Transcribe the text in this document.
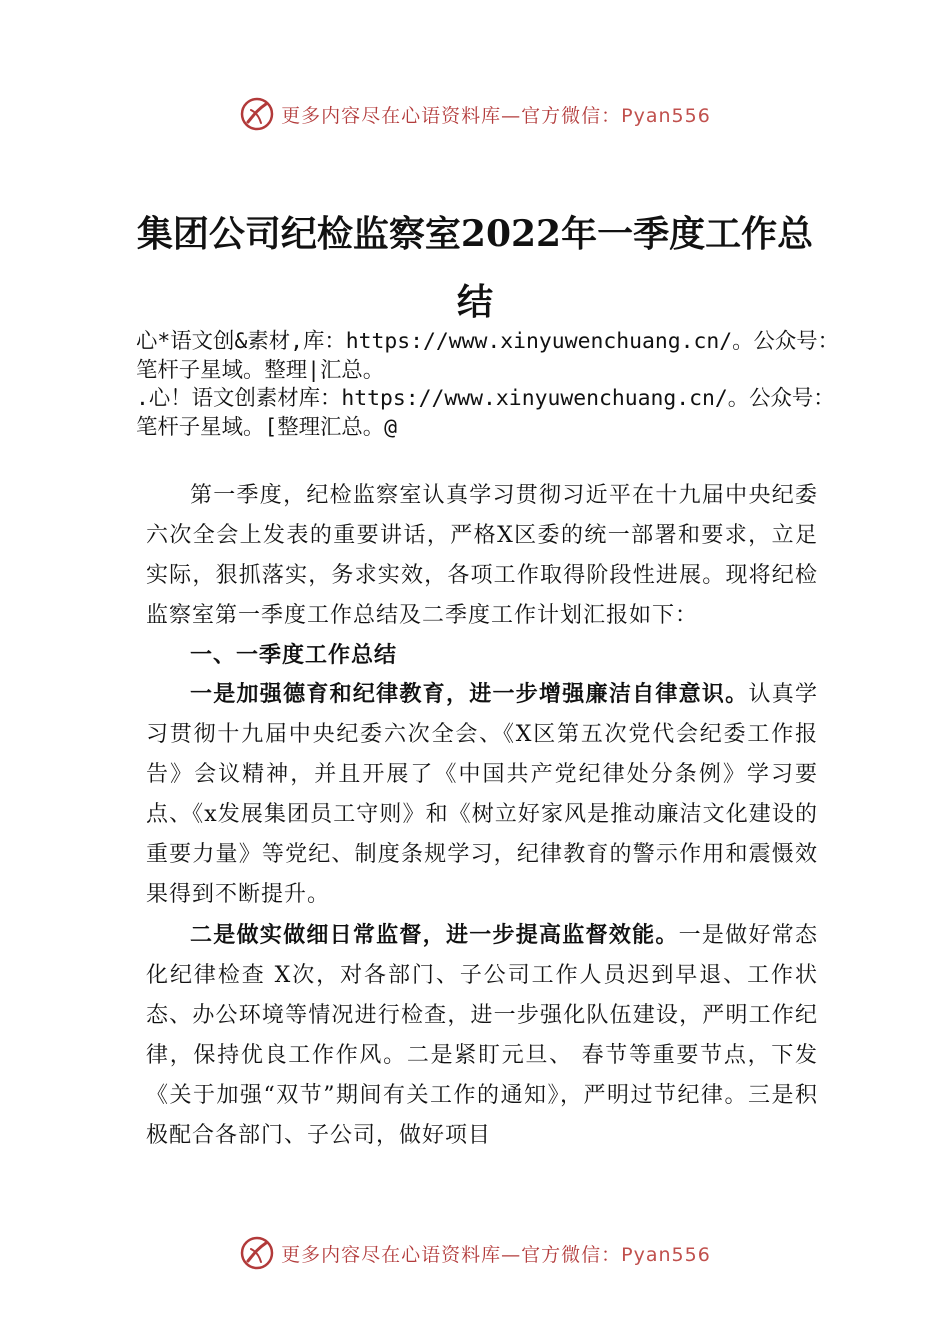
更多内容尽在心语资料库—官方微信：Pyan556
集团公司纪检监察室2022年一季度工作总
结

心*语文创&素材,库：https://www.xinyuwenchuang.cn/。公众号：笔杆子星域。整理|汇总。

.心！语文创素材库：https://www.xinyuwenchuang.cn/。公众号：笔杆子星域。[整理汇总。@

第一季度，纪检监察室认真学习贯彻习近平在十九届中央纪委六次全会上发表的重要讲话，严格X区委的统一部署和要求，立足实际，狠抓落实，务求实效，各项工作取得阶段性进展。现将纪检监察室第一季度工作总结及二季度工作计划汇报如下：

一、一季度工作总结

一是加强德育和纪律教育，进一步增强廉洁自律意识。认真学习贯彻十九届中央纪委六次全会、《X区第五次党代会纪委工作报告》会议精神，并且开展了《中国共产党纪律处分条例》学习要点、《x发展集团员工守则》和《树立好家风是推动廉洁文化建设的重要力量》等党纪、制度条规学习，纪律教育的警示作用和震慑效果得到不断提升。

二是做实做细日常监督，进一步提高监督效能。一是做好常态化纪律检查 X次，对各部门、子公司工作人员迟到早退、工作状态、办公环境等情况进行检查，进一步强化队伍建设，严明工作纪律，保持优良工作作风。二是紧盯元旦、 春节等重要节点，下发《关于加强“双节”期间有关工作的通知》，严明过节纪律。三是积极配合各部门、子公司，做好项目

更多内容尽在心语资料库—官方微信：Pyan556
